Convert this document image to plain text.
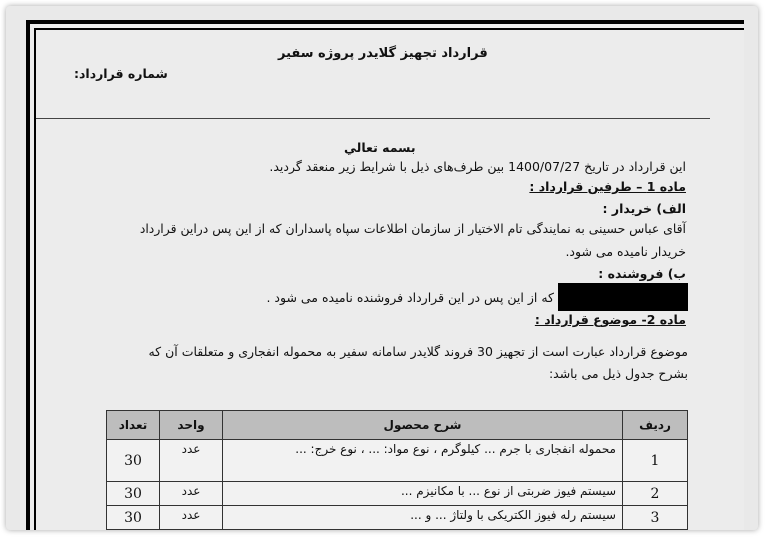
قرارداد تجهیز گلایدر پروژه سفیر
شماره قرارداد:
بسمه تعالي
این قرارداد در تاریخ 1400/07/27 بین طرف‌های ذیل با شرایط زیر منعقد گردید.
ماده 1 – طرفین قرارداد :
الف) خریدار :
آقای عباس حسینی به نمایندگی تام الاختیار از سازمان اطلاعات سپاه پاسداران که از این پس دراین قرارداد
خریدار نامیده می شود.
ب) فروشنده :
که از این پس در این قرارداد فروشنده نامیده می شود .
ماده 2- موضوع قرارداد :
موضوع قرارداد عبارت است از تجهیز 30 فروند گلایدر سامانه سفیر به محموله انفجاری و متعلقات آن که
بشرح جدول ذیل می باشد:
ردیف	شرح محصول	واحد	تعداد
1	محموله انفجاری با جرم ... کیلوگرم ، نوع مواد: ... ، نوع خرج: ...	عدد	30
2	سیستم فیوز ضربتی از نوع ... با مکانیزم ...	عدد	30
3	سیستم رله فیوز الکتریکی با ولتاژ ... و ...	عدد	30
